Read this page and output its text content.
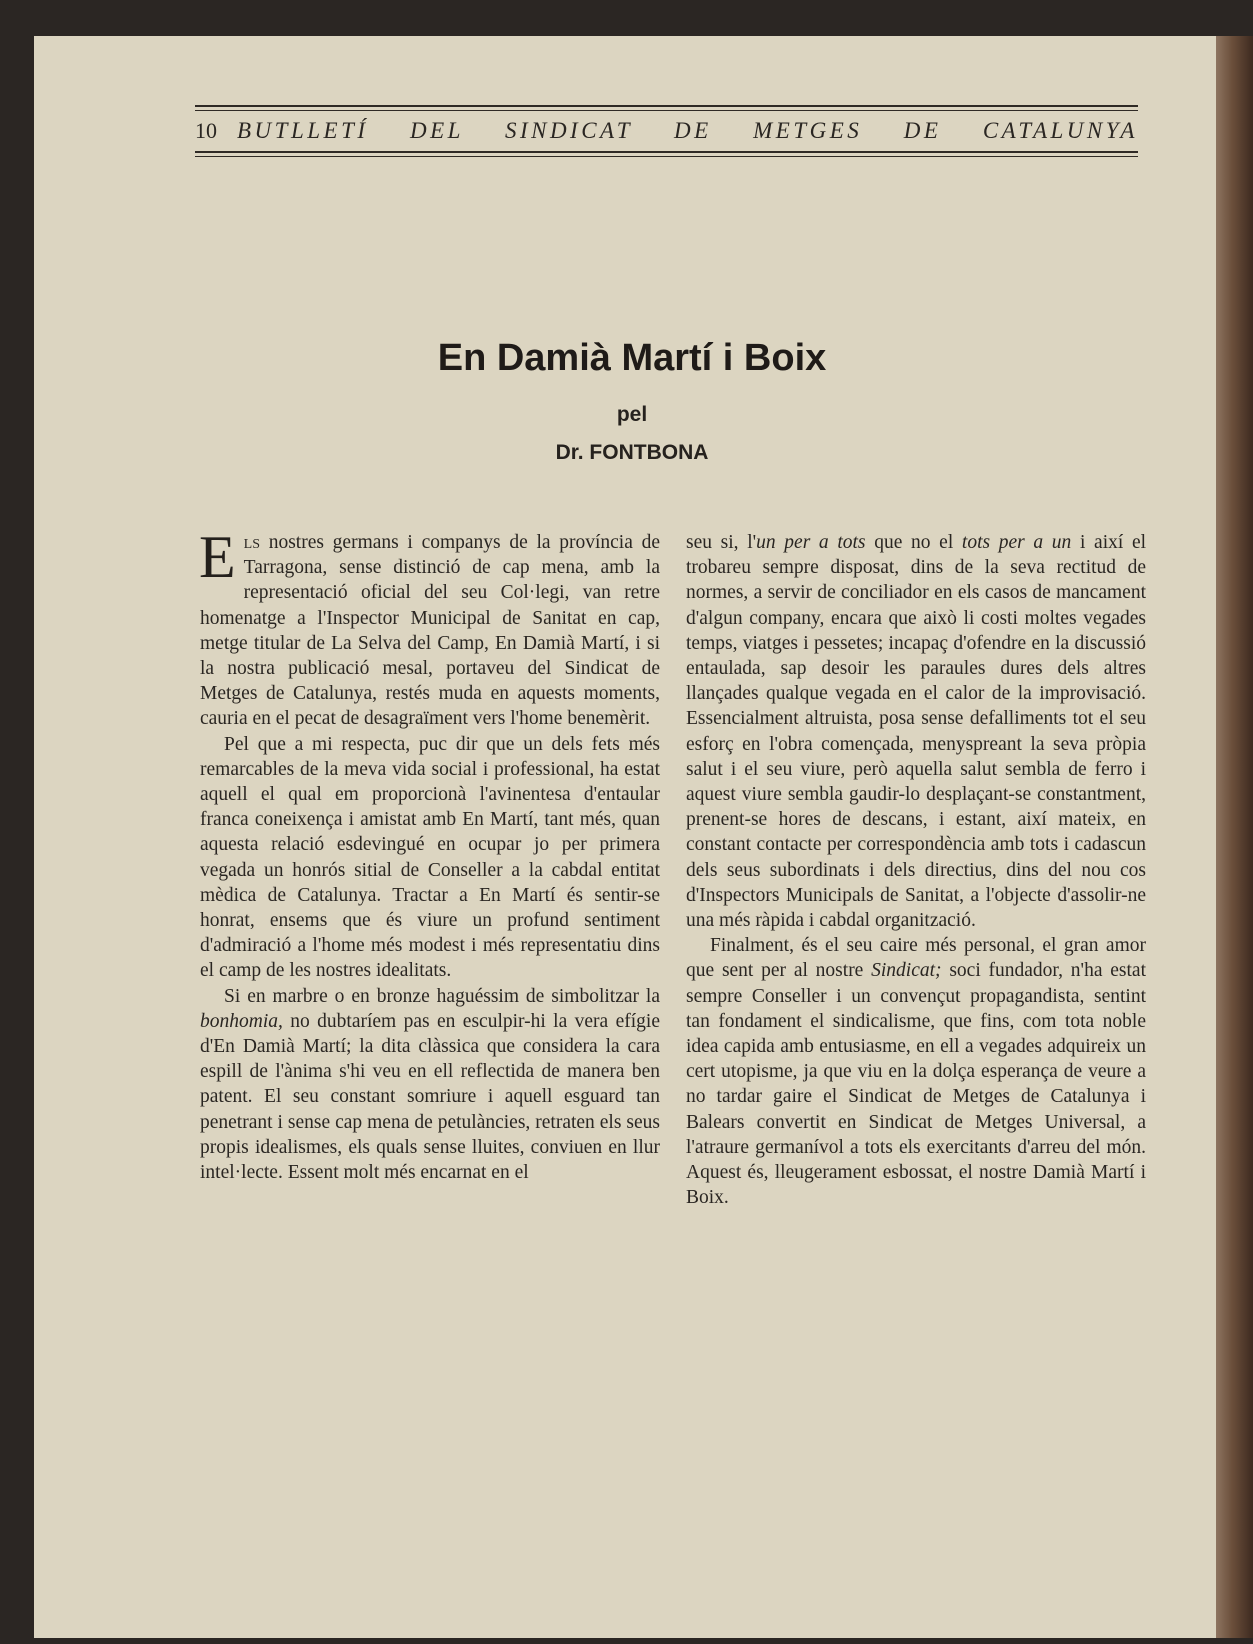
10 BUTLLETÍ DEL SINDICAT DE METGES DE CATALUNYA
En Damià Martí i Boix
pel
Dr. FONTBONA

Els nostres germans i companys de la província de Tarragona, sense distinció de cap mena, amb la representació oficial del seu Col·legi, van retre homenatge a l'Inspector Municipal de Sanitat en cap, metge titular de La Selva del Camp, En Damià Martí, i si la nostra publicació mesal, portaveu del Sindicat de Metges de Catalunya, restés muda en aquests moments, cauria en el pecat de desagraïment vers l'home benemèrit.

Pel que a mi respecta, puc dir que un dels fets més remarcables de la meva vida social i professional, ha estat aquell el qual em proporcionà l'avinentesa d'entaular franca coneixença i amistat amb En Martí, tant més, quan aquesta relació esdevingué en ocupar jo per primera vegada un honrós sitial de Conseller a la cabdal entitat mèdica de Catalunya. Tractar a En Martí és sentir-se honrat, ensems que és viure un profund sentiment d'admiració a l'home més modest i més representatiu dins el camp de les nostres idealitats.

Si en marbre o en bronze haguéssim de simbolitzar la bonhomia, no dubtaríem pas en esculpir-hi la vera efígie d'En Damià Martí; la dita clàssica que considera la cara espill de l'ànima s'hi veu en ell reflectida de manera ben patent. El seu constant somriure i aquell esguard tan penetrant i sense cap mena de petulàncies, retraten els seus propis idealismes, els quals sense lluites, conviuen en llur intel·lecte. Essent molt més encarnat en el

seu si, l'un per a tots que no el tots per a un i així el trobareu sempre disposat, dins de la seva rectitud de normes, a servir de conciliador en els casos de mancament d'algun company, encara que això li costi moltes vegades temps, viatges i pessetes; incapaç d'ofendre en la discussió entaulada, sap desoir les paraules dures dels altres llançades qualque vegada en el calor de la improvisació. Essencialment altruista, posa sense defalliments tot el seu esforç en l'obra començada, menyspreant la seva pròpia salut i el seu viure, però aquella salut sembla de ferro i aquest viure sembla gaudir-lo desplaçant-se constantment, prenent-se hores de descans, i estant, així mateix, en constant contacte per correspondència amb tots i cadascun dels seus subordinats i dels directius, dins del nou cos d'Inspectors Municipals de Sanitat, a l'objecte d'assolir-ne una més ràpida i cabdal organització.

Finalment, és el seu caire més personal, el gran amor que sent per al nostre Sindicat; soci fundador, n'ha estat sempre Conseller i un convençut propagandista, sentint tan fondament el sindicalisme, que fins, com tota noble idea capida amb entusiasme, en ell a vegades adquireix un cert utopisme, ja que viu en la dolça esperança de veure a no tardar gaire el Sindicat de Metges de Catalunya i Balears convertit en Sindicat de Metges Universal, a l'atraure germanívol a tots els exercitants d'arreu del món. Aquest és, lleugerament esbossat, el nostre Damià Martí i Boix.
